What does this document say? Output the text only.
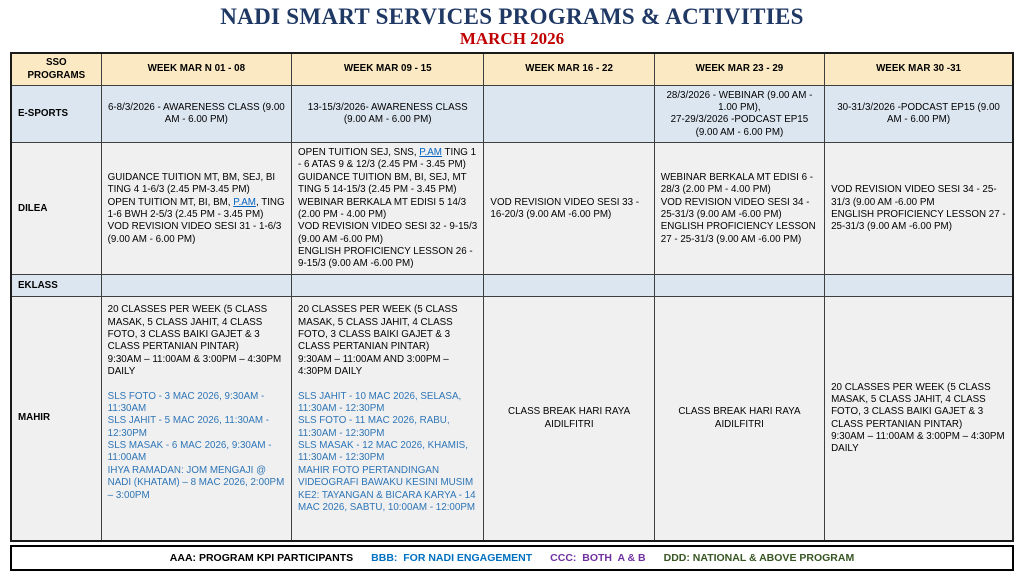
NADI SMART SERVICES PROGRAMS & ACTIVITIES
MARCH 2026
SSO PROGRAMS	WEEK MAR N 01 - 08	WEEK MAR 09 - 15	WEEK MAR 16 - 22	WEEK MAR 23 - 29	WEEK MAR 30 -31
E-SPORTS	6-8/3/2026 - AWARENESS CLASS (9.00 AM - 6.00 PM)	13-15/3/2026- AWARENESS CLASS (9.00 AM - 6.00 PM)		28/3/2026 - WEBINAR (9.00 AM - 1.00 PM),
27-29/3/2026 -PODCAST EP15 (9.00 AM - 6.00 PM)	30-31/3/2026 -PODCAST EP15 (9.00 AM - 6.00 PM)
DILEA	GUIDANCE TUITION MT, BM, SEJ, BI TING 4 1-6/3 (2.45 PM-3.45 PM)
OPEN TUITION MT, BI, BM, P.AM, TING 1-6 BWH 2-5/3 (2.45 PM - 3.45 PM)
VOD REVISION VIDEO SESI 31 - 1-6/3 (9.00 AM - 6.00 PM)	OPEN TUITION SEJ, SNS, P.AM TING 1 - 6 ATAS 9 & 12/3 (2.45 PM - 3.45 PM)
GUIDANCE TUITION BM, BI, SEJ, MT TING 5 14-15/3 (2.45 PM - 3.45 PM)
WEBINAR BERKALA MT EDISI 5 14/3 (2.00 PM - 4.00 PM)
VOD REVISION VIDEO SESI 32 - 9-15/3 (9.00 AM -6.00 PM)
ENGLISH PROFICIENCY LESSON 26 - 9-15/3 (9.00 AM -6.00 PM)	VOD REVISION VIDEO SESI 33 - 16-20/3 (9.00 AM -6.00 PM)	WEBINAR BERKALA MT EDISI 6 - 28/3 (2.00 PM - 4.00 PM)
VOD REVISION VIDEO SESI 34 - 25-31/3 (9.00 AM -6.00 PM)
ENGLISH PROFICIENCY LESSON 27 - 25-31/3 (9.00 AM -6.00 PM)	VOD REVISION VIDEO SESI 34 - 25-31/3 (9.00 AM -6.00 PM
ENGLISH PROFICIENCY LESSON 27 - 25-31/3 (9.00 AM -6.00 PM)
EKLASS					
MAHIR	20 CLASSES PER WEEK (5 CLASS MASAK, 5 CLASS JAHIT, 4 CLASS FOTO, 3 CLASS BAIKI GAJET & 3 CLASS PERTANIAN PINTAR)
9:30AM – 11:00AM & 3:00PM – 4:30PM
DAILY

SLS FOTO - 3 MAC 2026, 9:30AM - 11:30AM
SLS JAHIT - 5 MAC 2026, 11:30AM - 12:30PM
SLS MASAK - 6 MAC 2026, 9:30AM - 11:00AM
IHYA RAMADAN: JOM MENGAJI @ NADI (KHATAM) – 8 MAC 2026, 2:00PM – 3:00PM	20 CLASSES PER WEEK (5 CLASS MASAK, 5 CLASS JAHIT, 4 CLASS FOTO, 3 CLASS BAIKI GAJET & 3 CLASS PERTANIAN PINTAR)
9:30AM – 11:00AM AND 3:00PM – 4:30PM DAILY

SLS JAHIT - 10 MAC 2026, SELASA, 11:30AM - 12:30PM
SLS FOTO - 11 MAC 2026, RABU, 11:30AM - 12:30PM
SLS MASAK - 12 MAC 2026, KHAMIS, 11:30AM - 12:30PM
MAHIR FOTO PERTANDINGAN VIDEOGRAFI BAWAKU KESINI MUSIM KE2: TAYANGAN & BICARA KARYA - 14 MAC 2026, SABTU, 10:00AM - 12:00PM	CLASS BREAK HARI RAYA AIDILFITRI	CLASS BREAK HARI RAYA AIDILFITRI	20 CLASSES PER WEEK (5 CLASS MASAK, 5 CLASS JAHIT, 4 CLASS FOTO, 3 CLASS BAIKI GAJET & 3 CLASS PERTANIAN PINTAR)
9:30AM – 11:00AM & 3:00PM – 4:30PM DAILY
AAA: PROGRAM KPI PARTICIPANTS BBB:  FOR NADI ENGAGEMENT CCC:  BOTH  A & B DDD: NATIONAL & ABOVE PROGRAM
